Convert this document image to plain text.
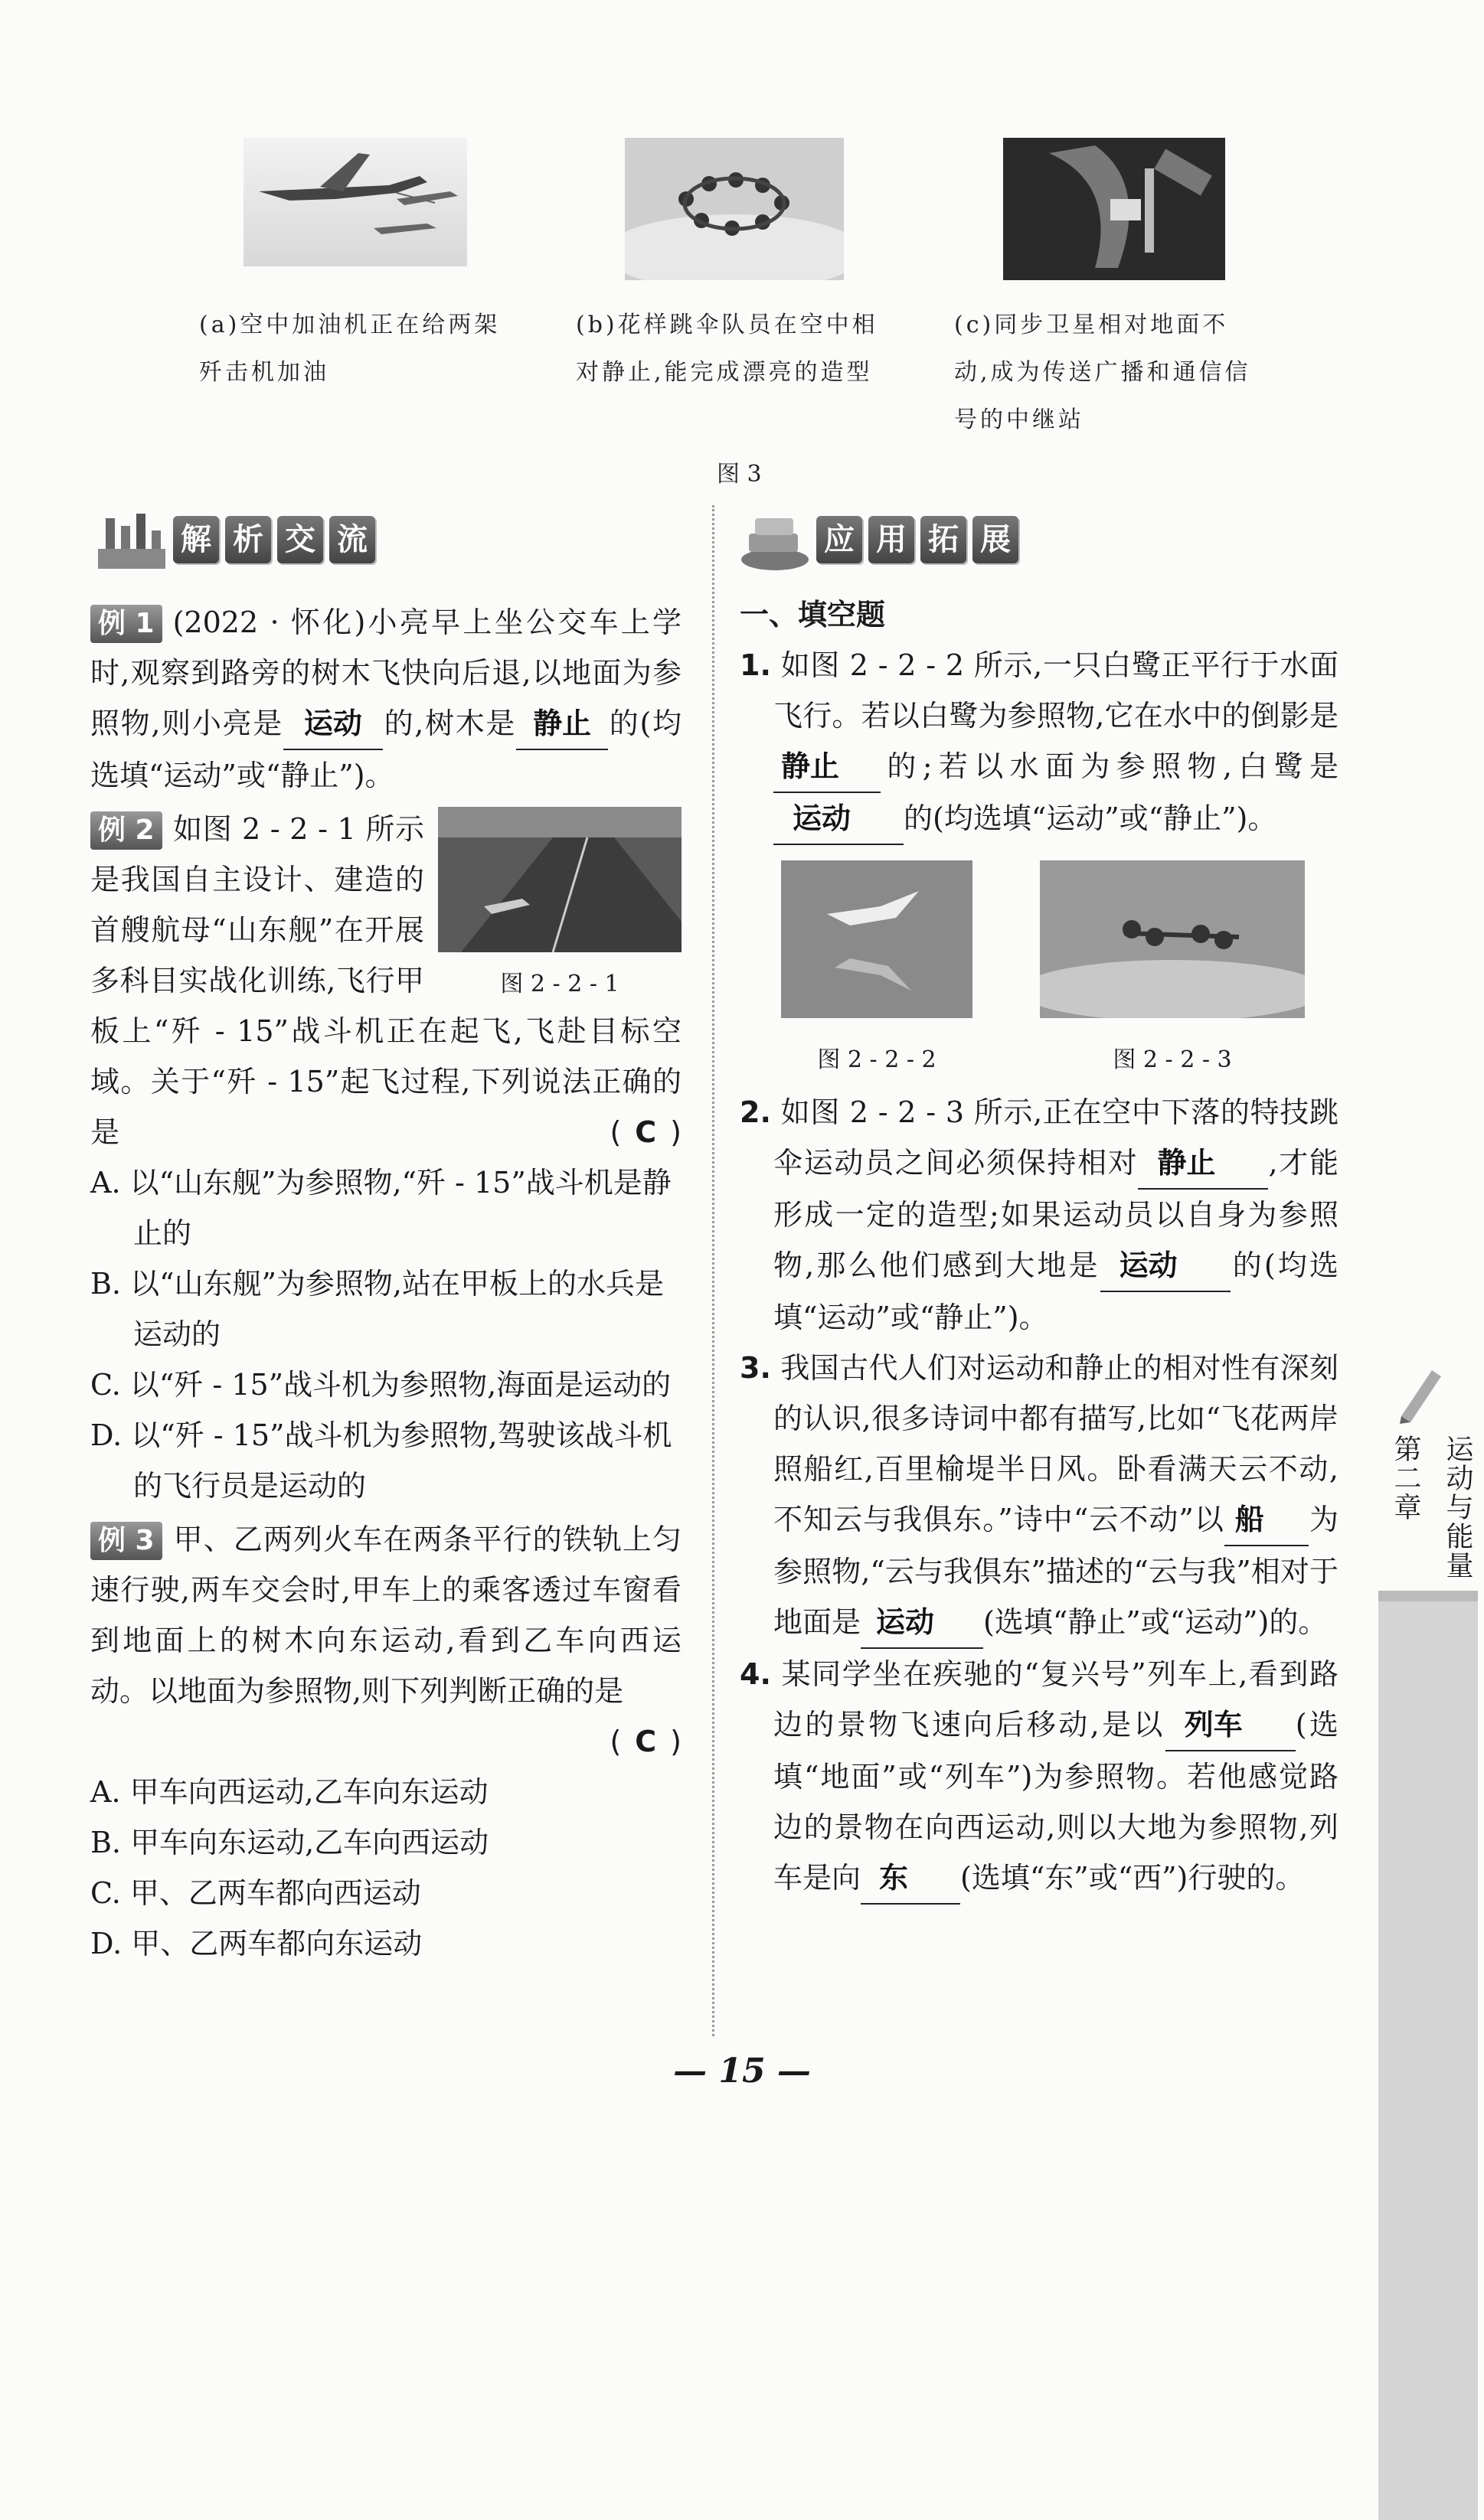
(a)空中加油机正在给两架
歼击机加油
(b)花样跳伞队员在空中相
对静止,能完成漂亮的造型
(c)同步卫星相对地面不
动,成为传送广播和通信信
号的中继站
图 3
解 析 交 流	应 用 拓 展

例 1 (2022 · 怀化)小亮早上坐公交车上学时,观察到路旁的树木飞快向后退,以地面为参照物,则小亮是 运动 的,树木是 静止 的(均选填“运动”或“静止”)。

图 2 - 2 - 1

例 2 如图 2 - 2 - 1 所示是我国自主设计、建造的首艘航母“山东舰”在开展多科目实战化训练,飞行甲板上“歼 - 15”战斗机正在起飞,飞赴目标空域。关于“歼 - 15”起飞过程,下列说法正确的是	( C )

A. 以“山东舰”为参照物,“歼 - 15”战斗机是静止的

B. 以“山东舰”为参照物,站在甲板上的水兵是运动的

C. 以“歼 - 15”战斗机为参照物,海面是运动的

D. 以“歼 - 15”战斗机为参照物,驾驶该战斗机的飞行员是运动的

例 3 甲、乙两列火车在两条平行的铁轨上匀速行驶,两车交会时,甲车上的乘客透过车窗看到地面上的树木向东运动,看到乙车向西运动。以地面为参照物,则下列判断正确的是
( C )

A. 甲车向西运动,乙车向东运动

B. 甲车向东运动,乙车向西运动

C. 甲、乙两车都向西运动

D. 甲、乙两车都向东运动

一、填空题

1. 如图 2 - 2 - 2 所示,一只白鹭正平行于水面飞行。若以白鹭为参照物,它在水中的倒影是静止 的;若以水面为参照物,白鹭是运动 的(均选填“运动”或“静止”)。

图 2 - 2 - 2	图 2 - 2 - 3

2. 如图 2 - 2 - 3 所示,正在空中下落的特技跳伞运动员之间必须保持相对 静止 ,才能形成一定的造型;如果运动员以自身为参照物,那么他们感到大地是 运动 的(均选填“运动”或“静止”)。

3. 我国古代人们对运动和静止的相对性有深刻的认识,很多诗词中都有描写,比如“飞花两岸照船红,百里榆堤半日风。卧看满天云不动,不知云与我俱东。”诗中“云不动”以 船 为参照物,“云与我俱东”描述的“云与我”相对于地面是 运动 (选填“静止”或“运动”)的。

4. 某同学坐在疾驰的“复兴号”列车上,看到路边的景物飞速向后移动,是以 列车 (选填“地面”或“列车”)为参照物。若他感觉路边的景物在向西运动,则以大地为参照物,列车是向 东 (选填“东”或“西”)行驶的。

第二章 运动与能量
— 15 —
